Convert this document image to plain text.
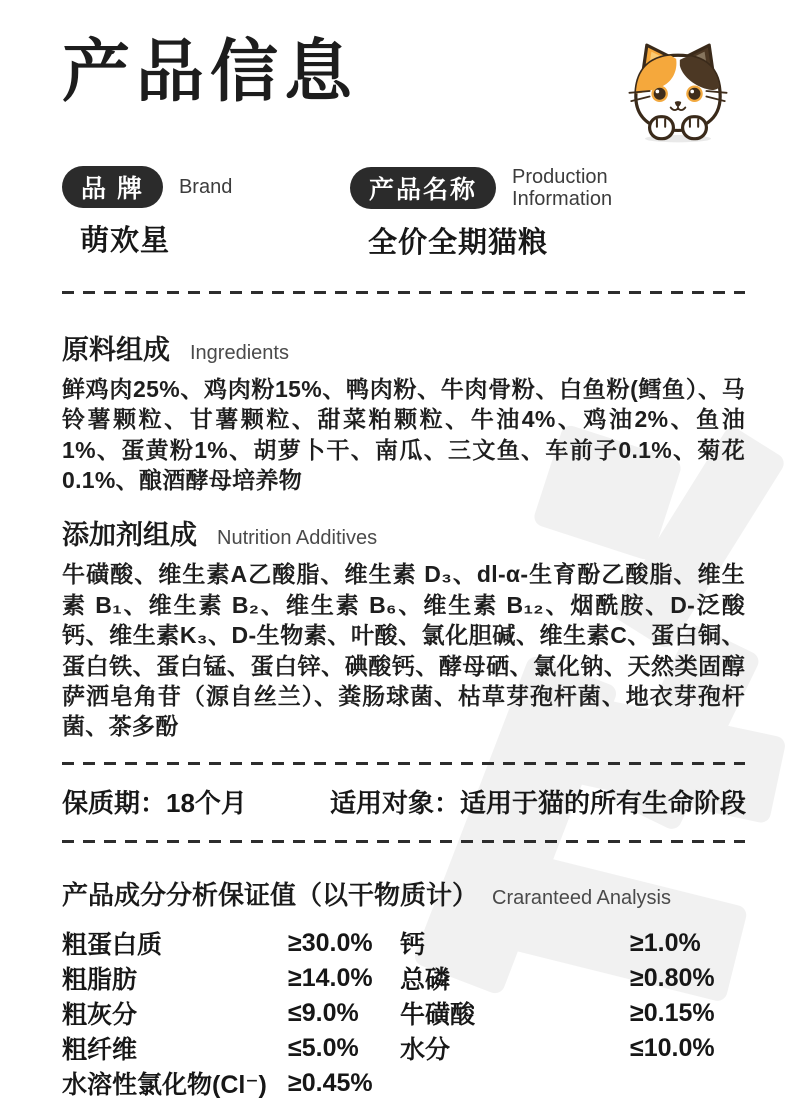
产品信息
品 牌	Brand
萌欢星
产品名称	Production Information
全价全期猫粮
原料组成 Ingredients

鲜鸡肉25%、鸡肉粉15%、鸭肉粉、牛肉骨粉、白鱼粉(鳕鱼）、马铃薯颗粒、甘薯颗粒、甜菜粕颗粒、牛油4%、鸡油2%、鱼油1%、蛋黄粉1%、胡萝卜干、南瓜、三文鱼、车前子0.1%、菊花0.1%、酿酒酵母培养物

添加剂组成 Nutrition Additives

牛磺酸、维生素A乙酸脂、维生素 D₃、dl-α-生育酚乙酸脂、维生素 B₁、维生素 B₂、维生素 B₆、维生素 B₁₂、烟酰胺、D-泛酸钙、维生素K₃、D-生物素、叶酸、氯化胆碱、维生素C、蛋白铜、蛋白铁、蛋白锰、蛋白锌、碘酸钙、酵母硒、氯化钠、天然类固醇萨洒皂角苷（源自丝兰）、粪肠球菌、枯草芽孢杆菌、地衣芽孢杆菌、茶多酚

保质期：18个月	适用对象：适用于猫的所有生命阶段
产品成分分析保证值（以干物质计） Craranteed Analysis
粗蛋白质	≥30.0%	钙	≥1.0%
粗脂肪	≥14.0%	总磷	≥0.80%
粗灰分	≤9.0%	牛磺酸	≥0.15%
粗纤维	≤5.0%	水分	≤10.0%
水溶性氯化物(Cl⁻) ≥0.45%
